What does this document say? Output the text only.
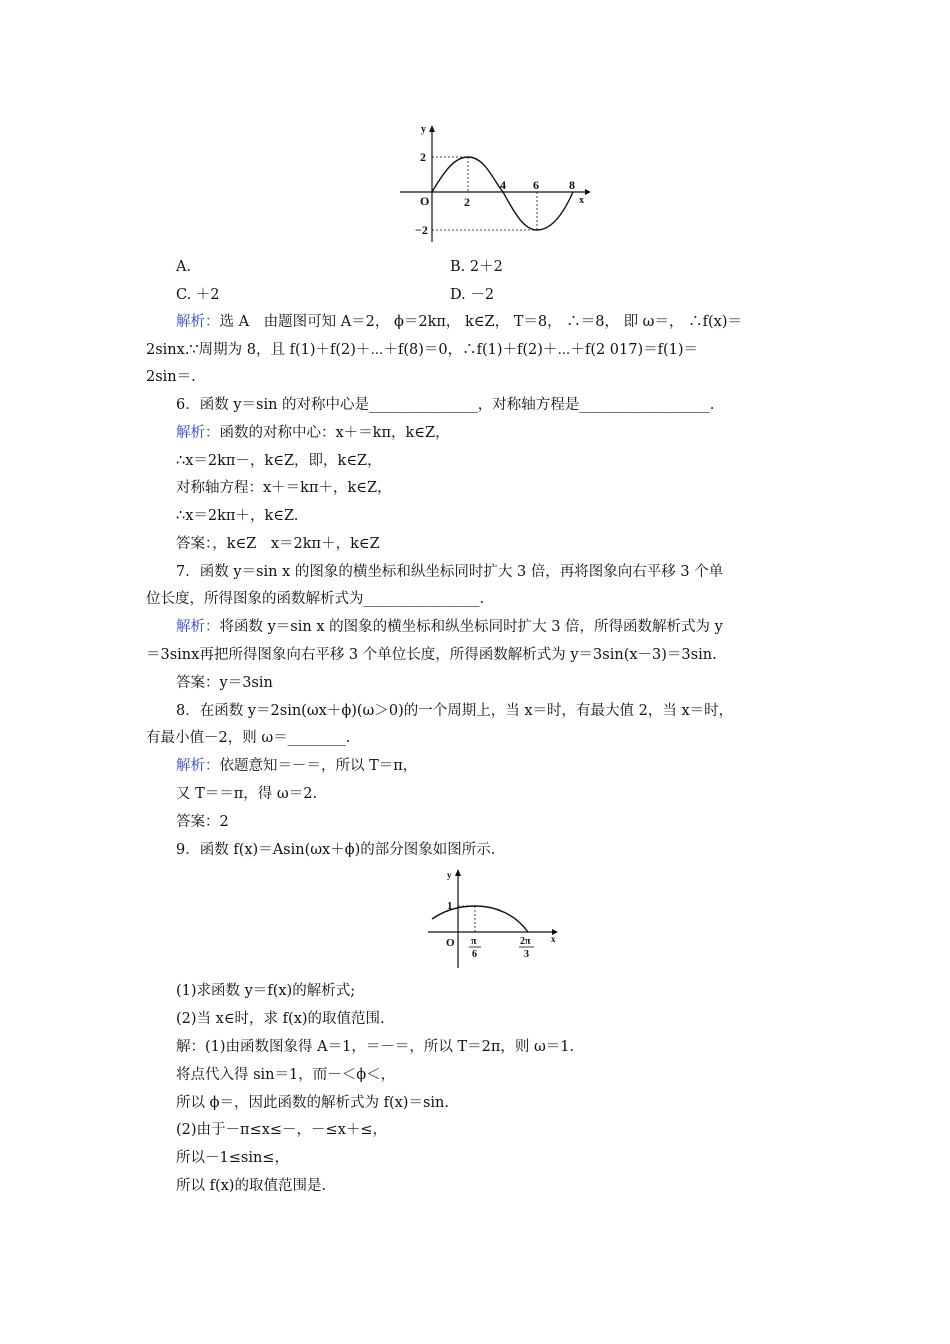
y
x
O
2
−2
2
4 6	8
A.	B. 2＋2
C. ＋2	D. －2
解析：选 A　由题图可知 A＝2， ϕ＝2kπ， k∈Z， T＝8， ∴＝8， 即 ω＝， ∴f(x)＝
2sinx.∵周期为 8，且 f(1)＋f(2)＋⋯＋f(8)＝0，∴f(1)＋f(2)＋⋯＋f(2 017)＝f(1)＝
2sin＝.
6．函数 y＝sin 的对称中心是_______________，对称轴方程是__________________.
解析：函数的对称中心：x＋＝kπ，k∈Z，
∴x＝2kπ－，k∈Z，即，k∈Z，
对称轴方程：x＋＝kπ＋，k∈Z，
∴x＝2kπ＋，k∈Z.
答案：，k∈Z　x＝2kπ＋，k∈Z
7．函数 y＝sin x 的图象的横坐标和纵坐标同时扩大 3 倍，再将图象向右平移 3 个单
位长度，所得图象的函数解析式为________________.
解析：将函数 y＝sin x 的图象的横坐标和纵坐标同时扩大 3 倍，所得函数解析式为 y
＝3sinx再把所得图象向右平移 3 个单位长度，所得函数解析式为 y＝3sin(x－3)＝3sin.
答案：y＝3sin
8．在函数 y＝2sin(ωx＋ϕ)(ω＞0)的一个周期上，当 x＝时，有最大值 2，当 x＝时，
有最小值－2，则 ω＝________.
解析：依题意知＝－＝，所以 T＝π，
又 T＝＝π，得 ω＝2.
答案：2
9．函数 f(x)＝Asin(ωx＋ϕ)的部分图象如图所示.
y
x
O
1
π
6
2π
3
(1)求函数 y＝f(x)的解析式;
(2)当 x∈时，求 f(x)的取值范围.
解：(1)由函数图象得 A＝1，＝－＝，所以 T＝2π，则 ω＝1.
将点代入得 sin＝1，而－＜ϕ＜，
所以 ϕ＝，因此函数的解析式为 f(x)＝sin.
(2)由于－π≤x≤－，－≤x＋≤，
所以－1≤sin≤，
所以 f(x)的取值范围是.
